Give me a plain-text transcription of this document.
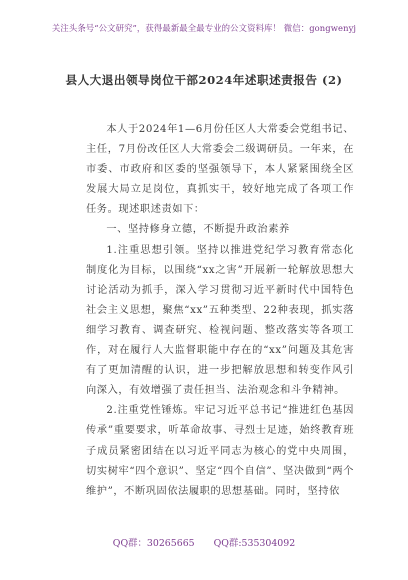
关注头条号“公文研究”，获得最新最全最专业的公文资料库！ 微信：gongwenyj
县人大退出领导岗位干部2024年述职述责报告 (2)

本人于2024年1—6月份任区人大常委会党组书记、主任，7月份改任区人大常委会二级调研员。一年来，在市委、市政府和区委的坚强领导下，本人紧紧围绕全区发展大局立足岗位，真抓实干，较好地完成了各项工作任务。现述职述责如下：

一、坚持修身立德，不断提升政治素养

1.注重思想引领。坚持以推进党纪学习教育常态化制度化为目标，以围绕“xx之害”开展新一轮解放思想大讨论活动为抓手，深入学习贯彻习近平新时代中国特色社会主义思想，聚焦“xx”五种类型、22种表现，抓实落细学习教育、调查研究、检视问题、整改落实等各项工作，对在履行人大监督职能中存在的“xx”问题及其危害有了更加清醒的认识，进一步把解放思想和转变作风引向深入，有效增强了责任担当、法治观念和斗争精神。

2.注重党性锤炼。牢记习近平总书记“推进红色基因传承”重要要求，听革命故事、寻烈士足迹，始终教育班子成员紧密团结在以习近平同志为核心的党中央周围，切实树牢“四个意识”、坚定“四个自信”、坚决做到“两个维护”，不断巩固依法履职的思想基础。同时，坚持依

QQ群：30265665 QQ群:535304092
